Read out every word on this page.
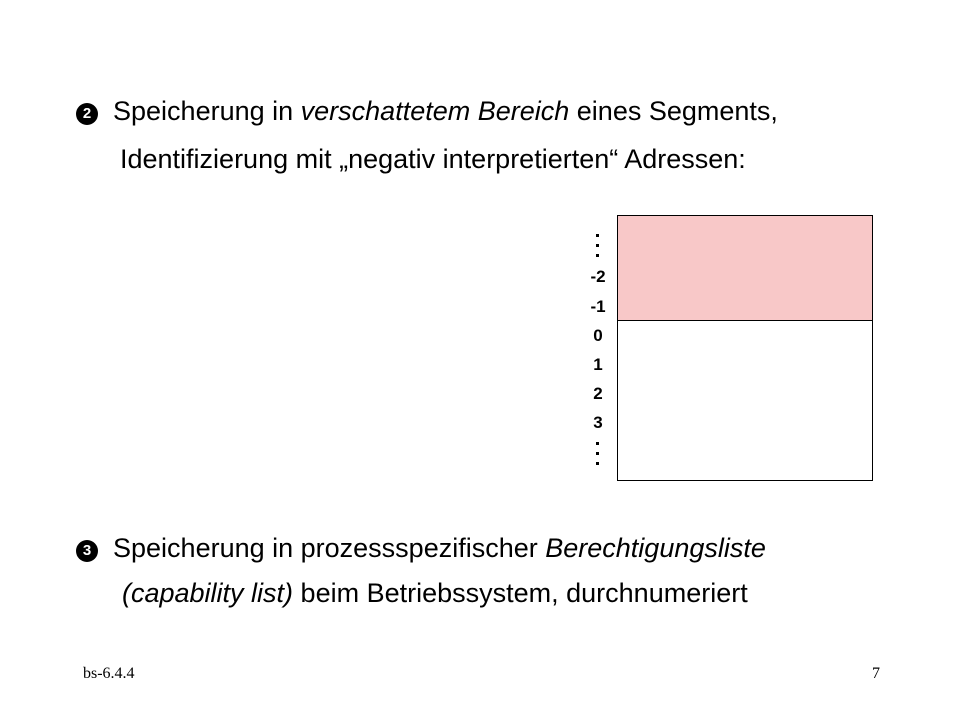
2 Speicherung in verschattetem Bereich eines Segments,
Identifizierung mit „negativ interpretierten“ Adressen:
-2
-1
0
1
2
3
3 Speicherung in prozessspezifischer Berechtigungsliste
(capability list) beim Betriebssystem, durchnumeriert
bs-6.4.4	7
